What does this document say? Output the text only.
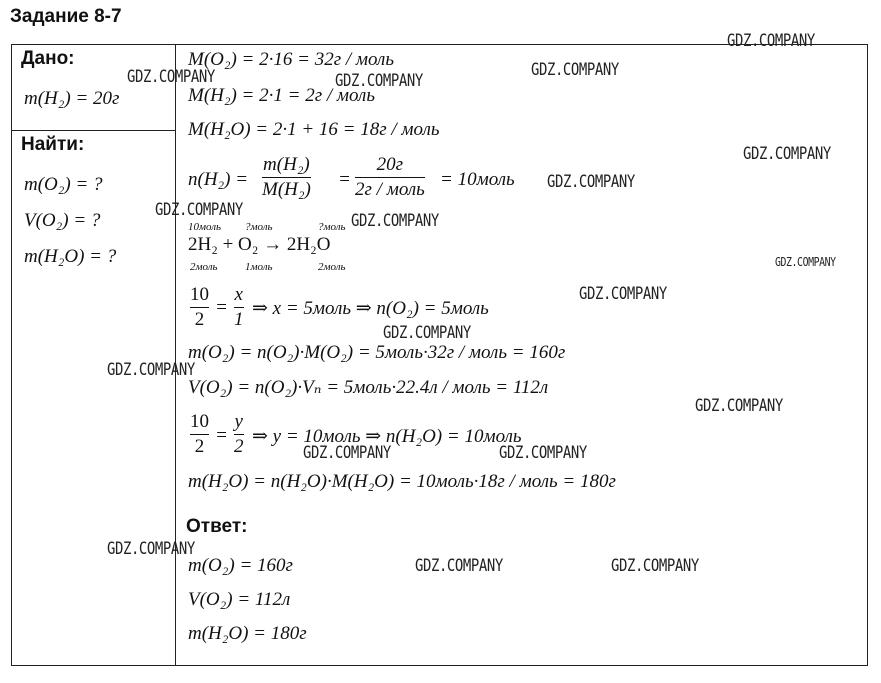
Задание 8-7
Дано:
m(H₂) = 20г
Найти:
m(O₂) = ?
V(O₂) = ?
m(H₂O) = ?
M(O₂) = 2·16 = 32г / моль
M(H₂) = 2·1 = 2г / моль
M(H₂O) = 2·1 + 16 = 18г / моль
n(H₂) =
m(H₂)
M(H₂) =
20г
2г / моль = 10моль
10моль ?моль	?моль
2H₂ + O₂ → 2H₂O
2моль 1моль	2моль
10
2
=
x
1
⇒ x = 5моль ⇒ n(O₂) = 5моль
m(O₂) = n(O₂)·M(O₂) = 5моль·32г / моль = 160г
V(O₂) = n(O₂)·Vₙ = 5моль·22.4л / моль = 112л
10
2
=
y
2 ⇒ y = 10моль ⇒ n(H₂O) = 10моль
m(H₂O) = n(H₂O)·M(H₂O) = 10моль·18г / моль = 180г
Ответ:
m(O₂) = 160г
V(O₂) = 112л
m(H₂O) = 180г
GDZ.COMPANY
GDZ.COMPANY	GDZ.COMPANY
GDZ.COMPANY
GDZ.COMPANY
GDZ.COMPANY
GDZ.COMPANY
GDZ.COMPANY
GDZ.COMPANY
GDZ.COMPANY
GDZ.COMPANY
GDZ.COMPANY
GDZ.COMPANY
GDZ.COMPANY	GDZ.COMPANY
GDZ.COMPANY
GDZ.COMPANY	GDZ.COMPANY
